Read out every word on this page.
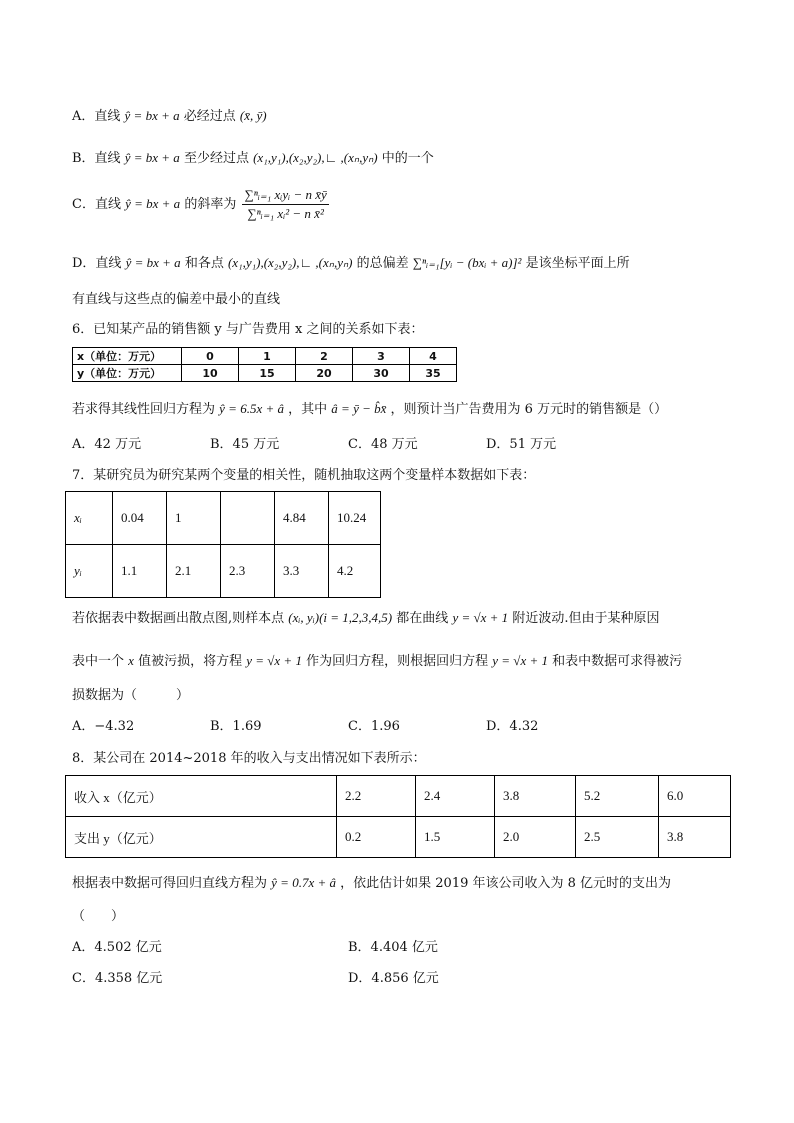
A．直线 ŷ = bx + a 必经过点 (x̄, ȳ)
B．直线 ŷ = bx + a 至少经过点 (x₁,y₁),(x₂,y₂),∟ ,(xₙ,yₙ) 中的一个
C．直线 ŷ = bx + a 的斜率为 $\frac{\text{∑ⁿᵢ₌₁ xᵢyᵢ − n x̄ȳ}}{\text{∑ⁿᵢ₌₁ xᵢ² − n x̄²}}$
D．直线 ŷ = bx + a 和各点 (x₁,y₁),(x₂,y₂),∟ ,(xₙ,yₙ) 的总偏差 ∑ⁿᵢ₌₁[yᵢ − (bxᵢ + a)]² 是该坐标平面上所
有直线与这些点的偏差中最小的直线
6．已知某产品的销售额 y 与广告费用 x 之间的关系如下表：
x（单位：万元）	0	1	2	3	4
y（单位：万元）	10	15	20	30	35
若求得其线性回归方程为 ŷ = 6.5x + â ，其中 â = ȳ − b̂x̄ ，则预计当广告费用为 6 万元时的销售额是（）
A．42 万元	B．45 万元	C．48 万元	D．51 万元
7．某研究员为研究某两个变量的相关性，随机抽取这两个变量样本数据如下表：
xᵢ	0.04	1		4.84	10.24
yᵢ	1.1	2.1	2.3	3.3	4.2
若依据表中数据画出散点图,则样本点 (xᵢ, yᵢ)(i = 1,2,3,4,5) 都在曲线 y = √x + 1 附近波动.但由于某种原因
表中一个 x 值被污损，将方程 y = √x + 1 作为回归方程，则根据回归方程 y = √x + 1 和表中数据可求得被污
损数据为（　　　）
A．−4.32	B．1.69	C．1.96	D．4.32
8．某公司在 2014~2018 年的收入与支出情况如下表所示：
收入 x（亿元）	2.2	2.4	3.8	5.2	6.0
支出 y（亿元）	0.2	1.5	2.0	2.5	3.8
根据表中数据可得回归直线方程为 ŷ = 0.7x + â ，依此估计如果 2019 年该公司收入为 8 亿元时的支出为
（　　）
A．4.502 亿元	B．4.404 亿元
C．4.358 亿元	D．4.856 亿元
